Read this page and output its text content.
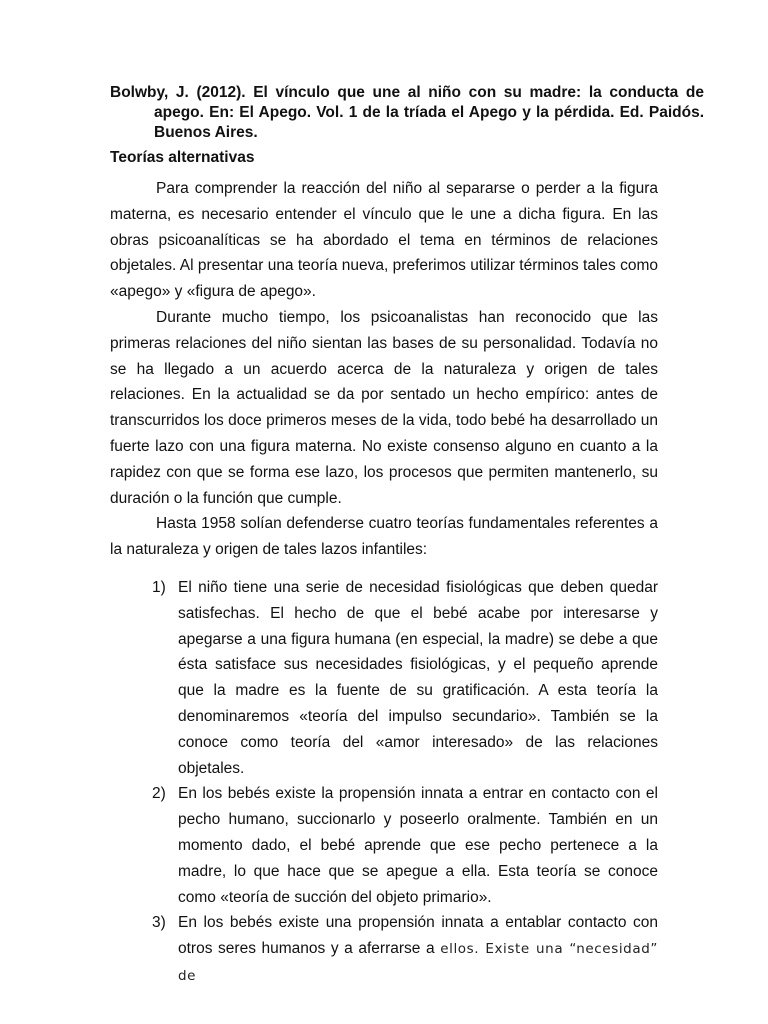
Bolwby, J. (2012). El vínculo que une al niño con su madre: la conducta de apego. En: El Apego. Vol. 1 de la tríada el Apego y la pérdida. Ed. Paidós. Buenos Aires.
Teorías alternativas

Para comprender la reacción del niño al separarse o perder a la figura materna, es necesario entender el vínculo que le une a dicha figura. En las obras psicoanalíticas se ha abordado el tema en términos de relaciones objetales. Al presentar una teoría nueva, preferimos utilizar términos tales como «apego» y «figura de apego».

Durante mucho tiempo, los psicoanalistas han reconocido que las primeras relaciones del niño sientan las bases de su personalidad. Todavía no se ha llegado a un acuerdo acerca de la naturaleza y origen de tales relaciones. En la actualidad se da por sentado un hecho empírico: antes de transcurridos los doce primeros meses de la vida, todo bebé ha desarrollado un fuerte lazo con una figura materna. No existe consenso alguno en cuanto a la rapidez con que se forma ese lazo, los procesos que permiten mantenerlo, su duración o la función que cumple.

Hasta 1958 solían defenderse cuatro teorías fundamentales referentes a la naturaleza y origen de tales lazos infantiles:

1) El niño tiene una serie de necesidad fisiológicas que deben quedar satisfechas. El hecho de que el bebé acabe por interesarse y apegarse a una figura humana (en especial, la madre) se debe a que ésta satisface sus necesidades fisiológicas, y el pequeño aprende que la madre es la fuente de su gratificación. A esta teoría la denominaremos «teoría del impulso secundario». También se la conoce como teoría del «amor interesado» de las relaciones objetales.
2) En los bebés existe la propensión innata a entrar en contacto con el pecho humano, succionarlo y poseerlo oralmente. También en un momento dado, el bebé aprende que ese pecho pertenece a la madre, lo que hace que se apegue a ella. Esta teoría se conoce como «teoría de succión del objeto primario».
3) En los bebés existe una propensión innata a entablar contacto con otros seres humanos y a aferrarse a ellos. Existe una “necesidad” de
